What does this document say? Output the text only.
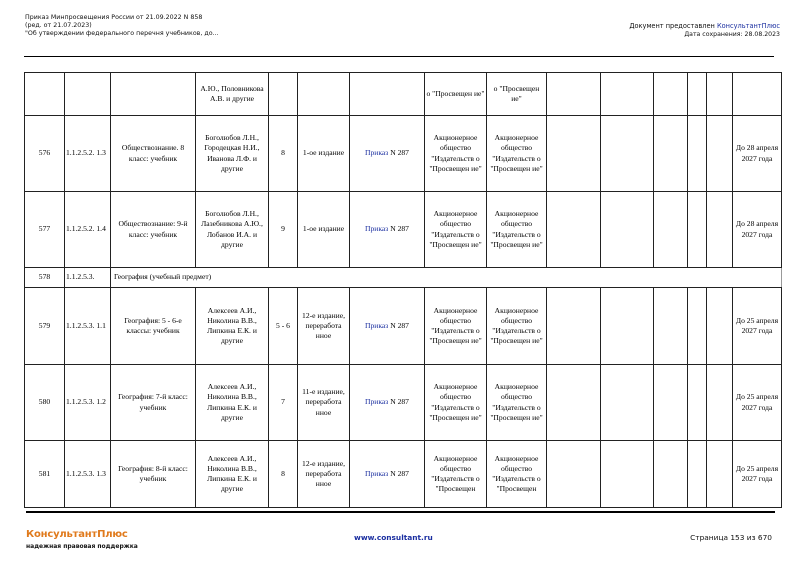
Приказ Минпросвещения России от 21.09.2022 N 858
(ред. от 21.07.2023)
"Об утверждении федерального перечня учебников, до...
Документ предоставлен КонсультантПлюс
Дата сохранения: 28.08.2023
			А.Ю., Половникова А.В. и другие				о "Просвещен ие"	о "Просвещен ие"						
576	1.1.2.5.2. 1.3	Обществознание. 8 класс: учебник	Боголюбов Л.Н., Городецкая Н.И., Иванова Л.Ф. и другие	8	1-ое издание	Приказ N 287	Акционерное общество "Издательств о "Просвещен ие"	Акционерное общество "Издательств о "Просвещен ие"						До 28 апреля 2027 года
577	1.1.2.5.2. 1.4	Обществознание: 9-й класс: учебник	Боголюбов Л.Н., Лазебникова А.Ю., Лобанов И.А. и другие	9	1-ое издание	Приказ N 287	Акционерное общество "Издательств о "Просвещен ие"	Акционерное общество "Издательств о "Просвещен ие"						До 28 апреля 2027 года
578	1.1.2.5.3.	География (учебный предмет)												
579	1.1.2.5.3. 1.1	География: 5 - 6-е классы: учебник	Алексеев А.И., Николина В.В., Липкина Е.К. и другие	5 - 6	12-е издание, переработа нное	Приказ N 287	Акционерное общество "Издательств о "Просвещен ие"	Акционерное общество "Издательств о "Просвещен ие"						До 25 апреля 2027 года
580	1.1.2.5.3. 1.2	География: 7-й класс: учебник	Алексеев А.И., Николина В.В., Липкина Е.К. и другие	7	11-е издание, переработа нное	Приказ N 287	Акционерное общество "Издательств о "Просвещен ие"	Акционерное общество "Издательств о "Просвещен ие"						До 25 апреля 2027 года
581	1.1.2.5.3. 1.3	География: 8-й класс: учебник	Алексеев А.И., Николина В.В., Липкина Е.К. и другие	8	12-е издание, переработа нное	Приказ N 287	Акционерное общество "Издательств о "Просвещен	Акционерное общество "Издательств о "Просвещен						До 25 апреля 2027 года
КонсультантПлюс
надежная правовая поддержка
www.consultant.ru	Страница 153 из 670
